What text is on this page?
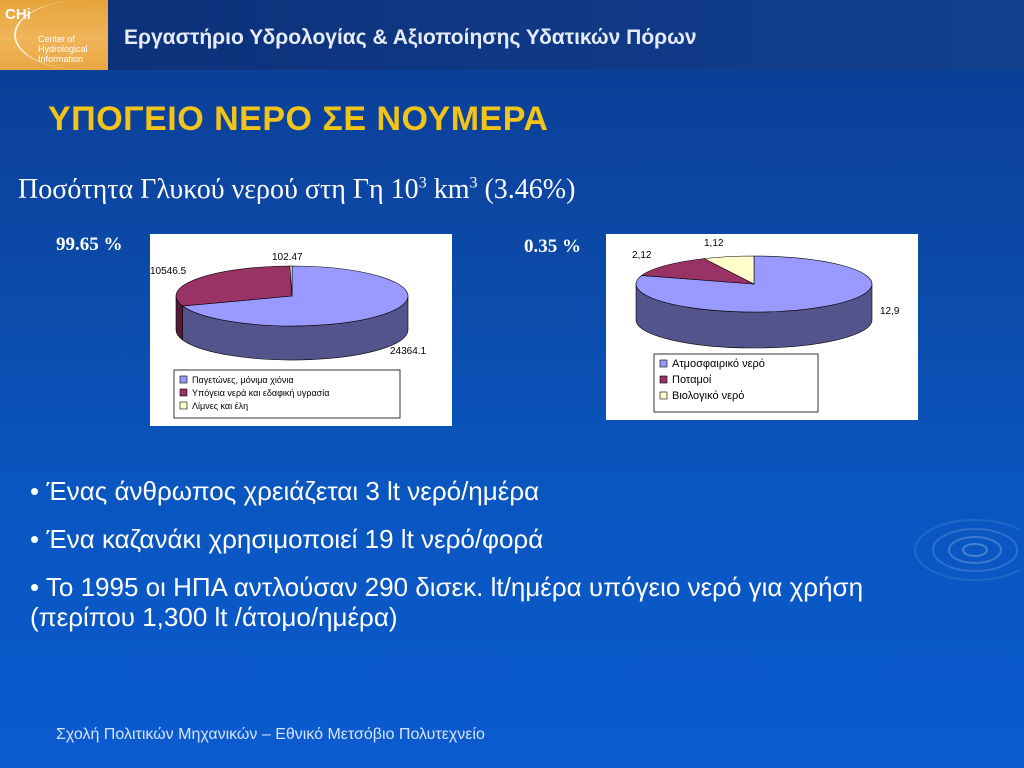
CHi
Center of
Hydrological
Information
Εργαστήριο Υδρολογίας & Αξιοποίησης Υδατικών Πόρων
ΥΠΟΓΕΙΟ ΝΕΡΟ ΣΕ ΝΟΥΜΕΡΑ
Ποσότητα Γλυκού νερού στη Γη $10^3$ $km^3$ (3.46%)
99.65 %	0.35 %
24364.1
10546.5
102.47
Παγετώνες, μόνιμα χιόνια
Υπόγεια νερά και εδαφική υγρασία
Λίμνες και έλη
12,9
2,12
1,12
Ατμοσφαιρικό νερό
Ποταμοί
Βιολογικό νερό
• Ένας άνθρωπος χρειάζεται 3 lt νερό/ημέρα
• Ένα καζανάκι χρησιμοποιεί 19 lt νερό/φορά
• Το 1995 οι ΗΠΑ αντλούσαν 290 δισεκ. lt/ημέρα υπόγειο νερό για χρήση (περίπου 1,300 lt /άτομο/ημέρα)
Σχολή Πολιτικών Μηχανικών – Εθνικό Μετσόβιο Πολυτεχνείο
